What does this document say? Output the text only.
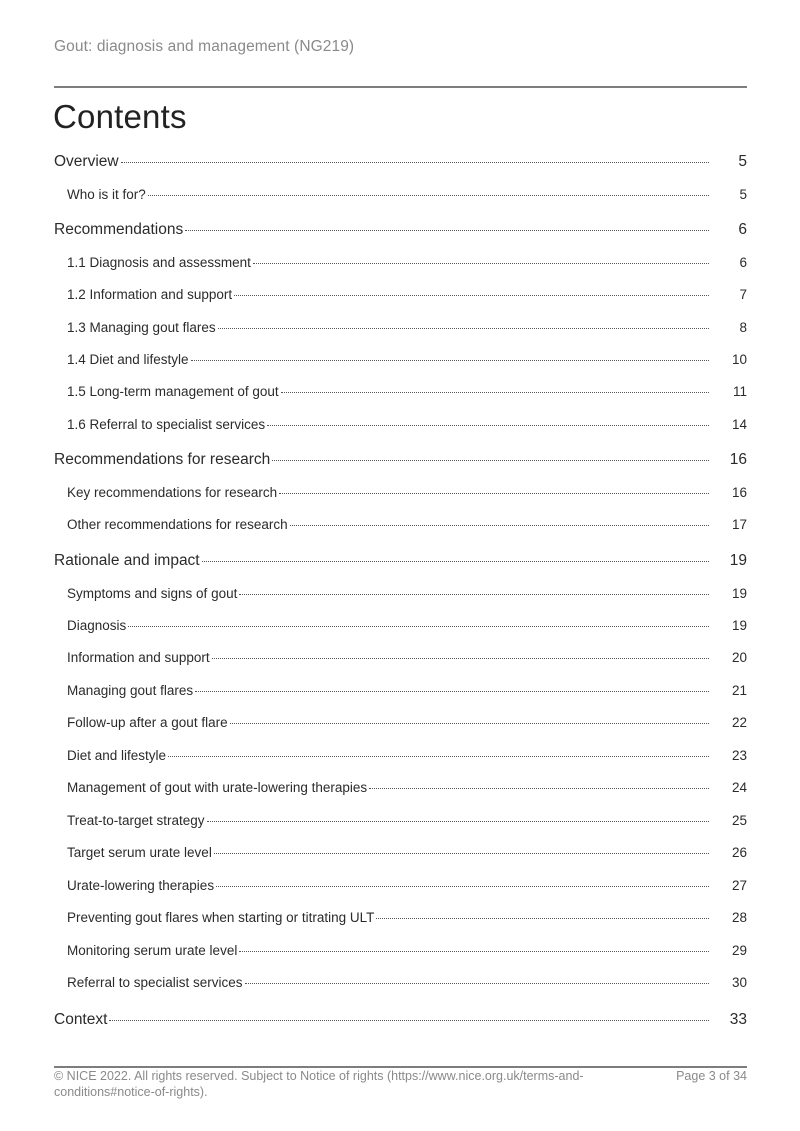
Gout: diagnosis and management (NG219)
Contents
Overview	5
Who is it for?	5
Recommendations	6
1.1 Diagnosis and assessment	6
1.2 Information and support	7
1.3 Managing gout flares	8
1.4 Diet and lifestyle	10
1.5 Long-term management of gout	11
1.6 Referral to specialist services	14
Recommendations for research	16
Key recommendations for research	16
Other recommendations for research	17
Rationale and impact	19
Symptoms and signs of gout	19
Diagnosis	19
Information and support	20
Managing gout flares	21
Follow-up after a gout flare	22
Diet and lifestyle	23
Management of gout with urate-lowering therapies	24
Treat-to-target strategy	25
Target serum urate level	26
Urate-lowering therapies	27
Preventing gout flares when starting or titrating ULT	28
Monitoring serum urate level	29
Referral to specialist services	30
Context	33
© NICE 2022. All rights reserved. Subject to Notice of rights (https://www.nice.org.uk/terms-and-conditions#notice-of-rights).
Page 3 of 34
